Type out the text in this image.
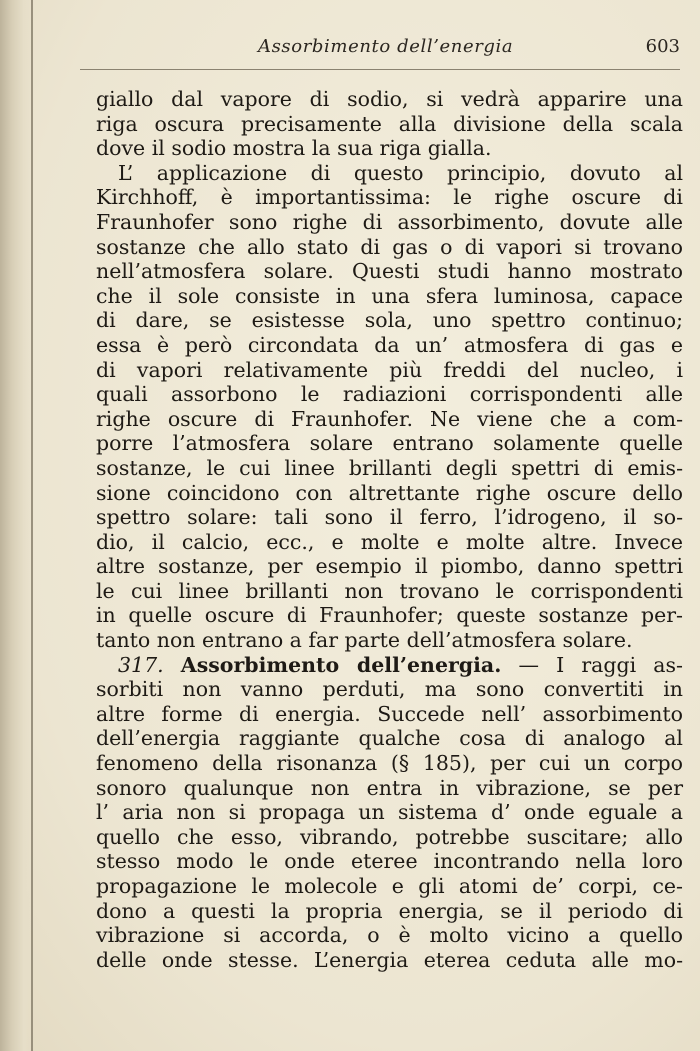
Assorbimento dell’energia	603
giallo dal vapore di sodio, si vedrà apparire una
riga oscura precisamente alla divisione della scala
dove il sodio mostra la sua riga gialla.
L’ applicazione di questo principio, dovuto al
Kirchhoff, è importantissima: le righe oscure di
Fraunhofer sono righe di assorbimento, dovute alle
sostanze che allo stato di gas o di vapori si trovano
nell’atmosfera solare. Questi studi hanno mostrato
che il sole consiste in una sfera luminosa, capace
di dare, se esistesse sola, uno spettro continuo;
essa è però circondata da un’ atmosfera di gas e
di vapori relativamente più freddi del nucleo, i
quali assorbono le radiazioni corrispondenti alle
righe oscure di Fraunhofer. Ne viene che a com-
porre l’atmosfera solare entrano solamente quelle
sostanze, le cui linee brillanti degli spettri di emis-
sione coincidono con altrettante righe oscure dello
spettro solare: tali sono il ferro, l’idrogeno, il so-
dio, il calcio, ecc., e molte e molte altre. Invece
altre sostanze, per esempio il piombo, danno spettri
le cui linee brillanti non trovano le corrispondenti
in quelle oscure di Fraunhofer; queste sostanze per-
tanto non entrano a far parte dell’atmosfera solare.
317. Assorbimento dell’energia. — I raggi as-
sorbiti non vanno perduti, ma sono convertiti in
altre forme di energia. Succede nell’ assorbimento
dell’energia raggiante qualche cosa di analogo al
fenomeno della risonanza (§ 185), per cui un corpo
sonoro qualunque non entra in vibrazione, se per
l’ aria non si propaga un sistema d’ onde eguale a
quello che esso, vibrando, potrebbe suscitare; allo
stesso modo le onde eteree incontrando nella loro
propagazione le molecole e gli atomi de’ corpi, ce-
dono a questi la propria energia, se il periodo di
vibrazione si accorda, o è molto vicino a quello
delle onde stesse. L’energia eterea ceduta alle mo-
